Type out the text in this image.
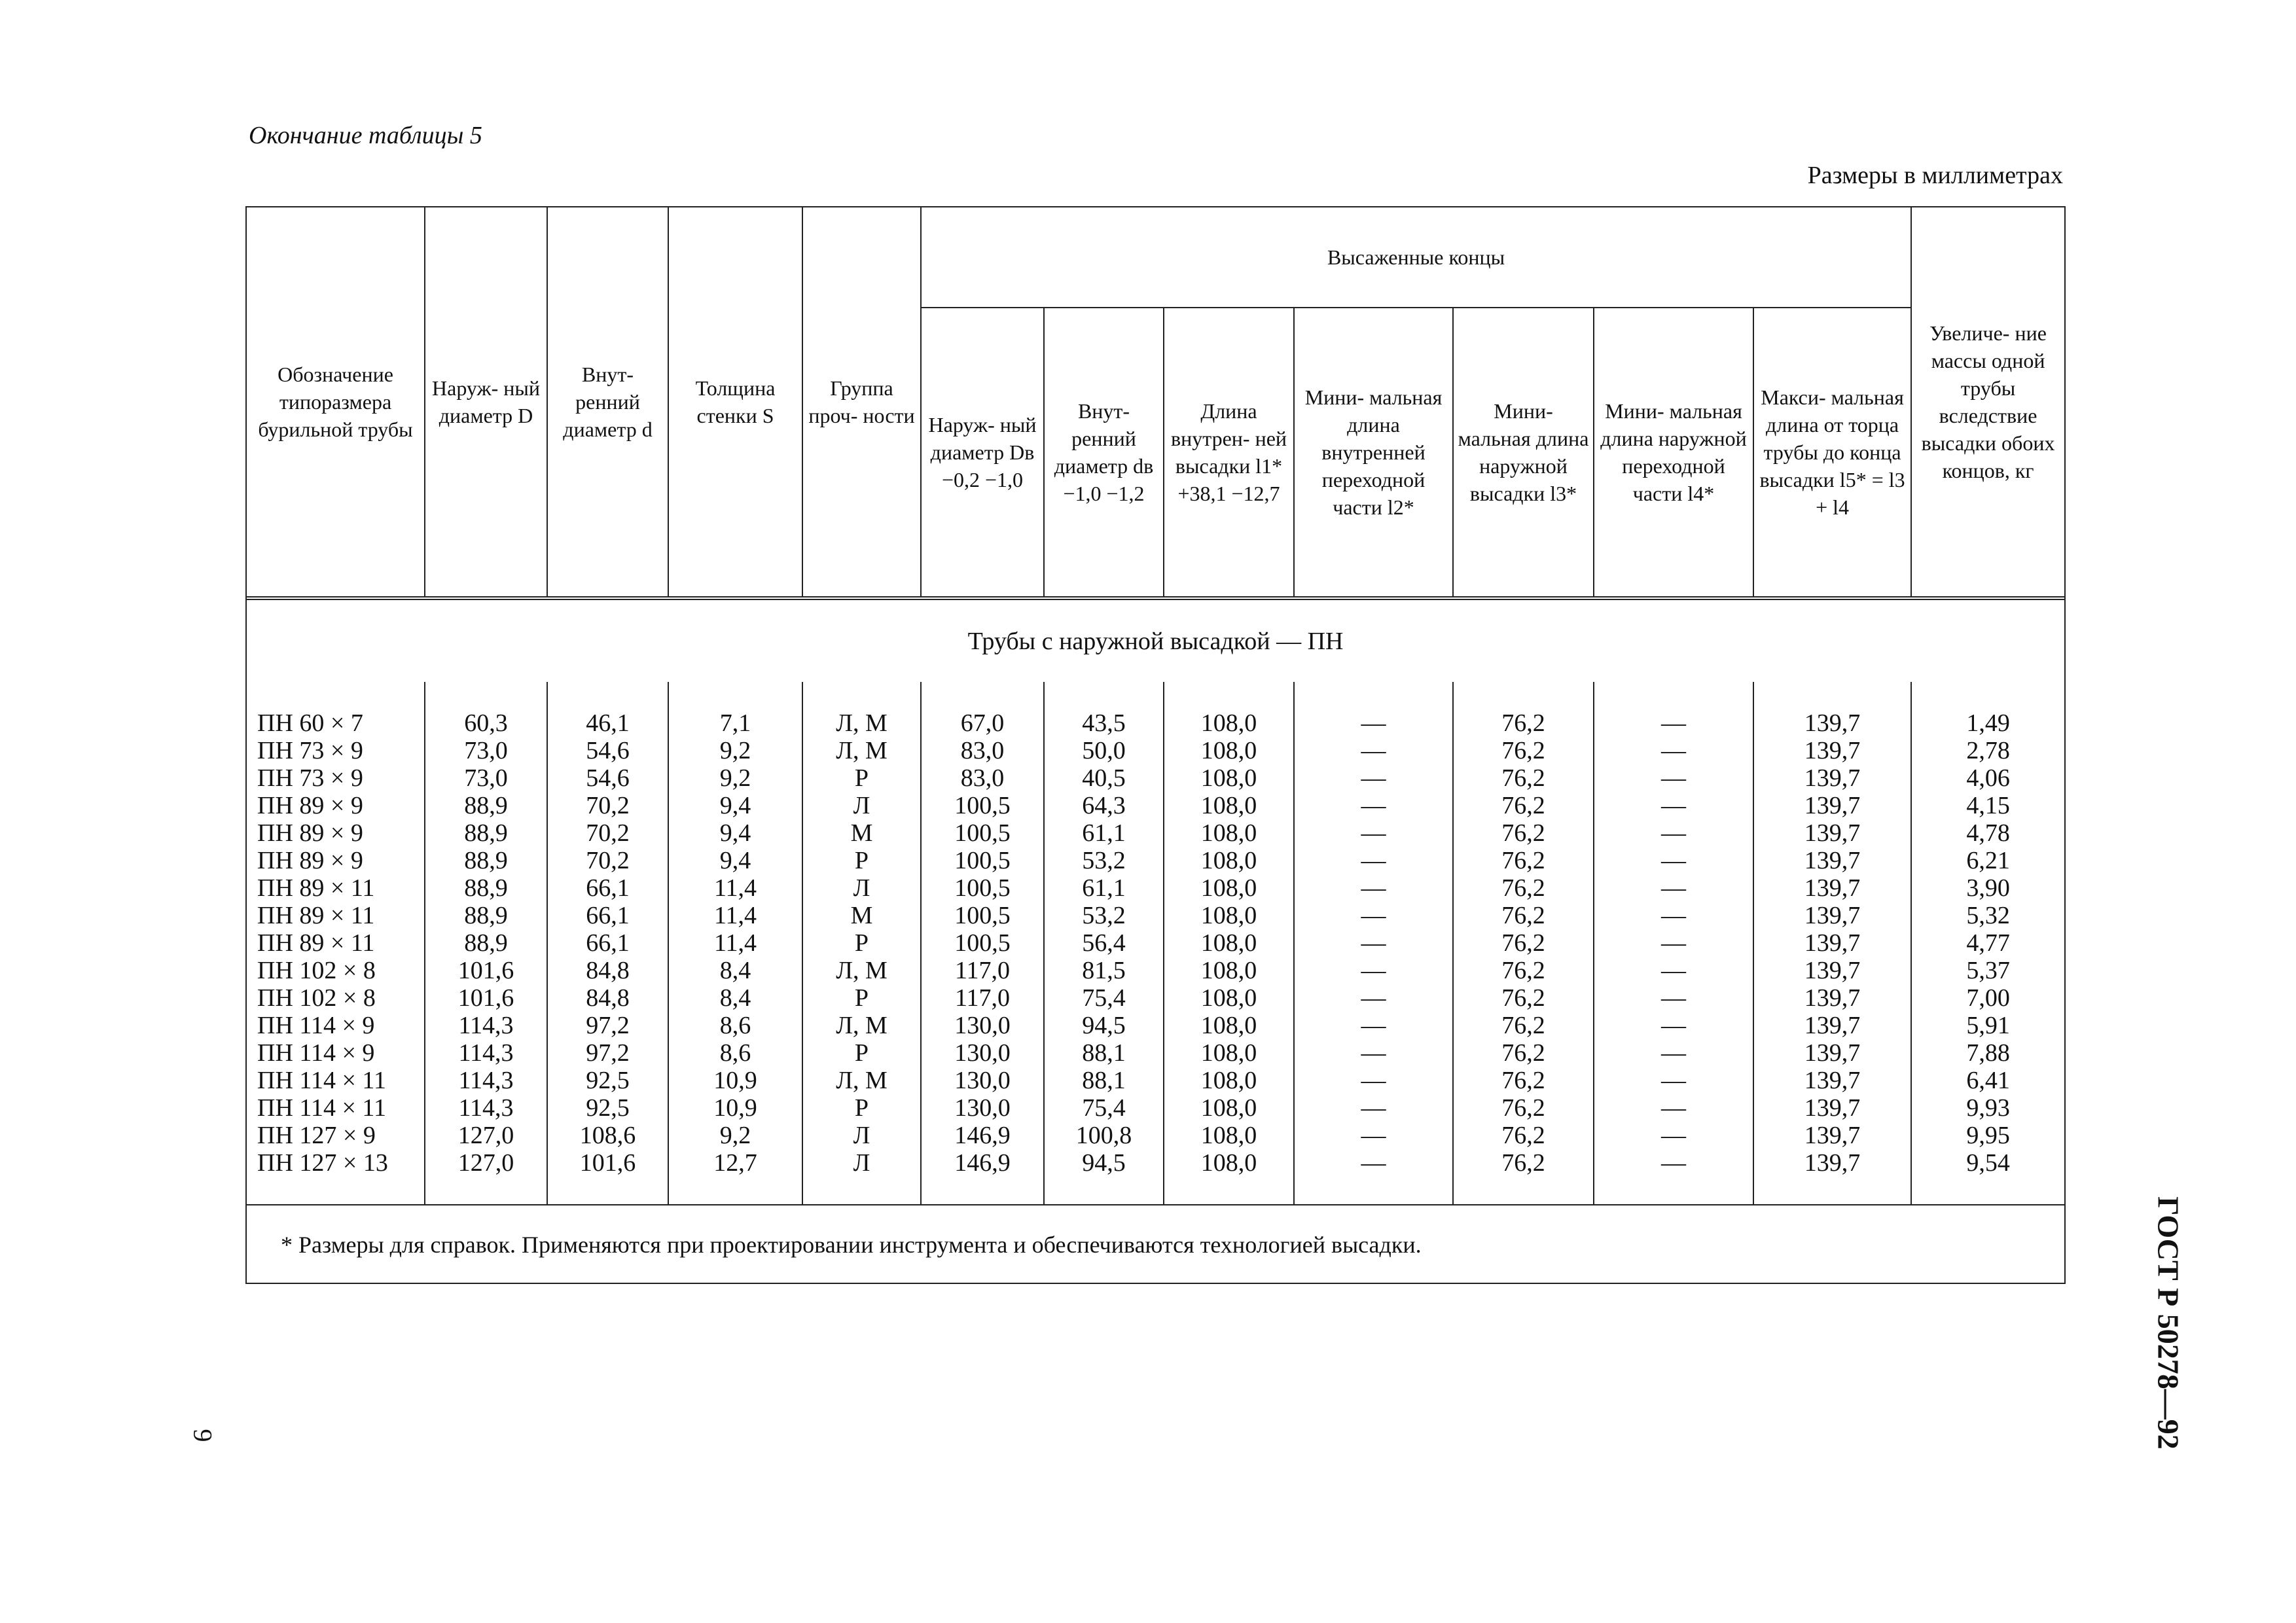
Окончание таблицы 5
Размеры в миллиметрах
Обозначение типоразмера бурильной трубы	Наруж- ный диаметр D	Внут- ренний диаметр d	Толщина стенки S	Группа проч- ности	Высаженные концы							Увеличе- ние массы одной трубы вследствие высадки обоих концов, кг
					Наруж- ный диаметр Dв −0,2 −1,0	Внут- ренний диаметр dв −1,0 −1,2	Длина внутрен- ней высадки l1* +38,1 −12,7	Мини- мальная длина внутренней переходной части l2*	Мини- мальная длина наружной высадки l3*	Мини- мальная длина наружной переходной части l4*	Макси- мальная длина от торца трубы до конца высадки l5* = l3 + l4	
Трубы с наружной высадкой — ПН												

ПН 60 × 7	60,3	46,1	7,1	Л, М	67,0	43,5	108,0	—	76,2	—	139,7	1,49
ПН 73 × 9	73,0	54,6	9,2	Л, М	83,0	50,0	108,0	—	76,2	—	139,7	2,78
ПН 73 × 9	73,0	54,6	9,2	Р	83,0	40,5	108,0	—	76,2	—	139,7	4,06
ПН 89 × 9	88,9	70,2	9,4	Л	100,5	64,3	108,0	—	76,2	—	139,7	4,15
ПН 89 × 9	88,9	70,2	9,4	М	100,5	61,1	108,0	—	76,2	—	139,7	4,78
ПН 89 × 9	88,9	70,2	9,4	Р	100,5	53,2	108,0	—	76,2	—	139,7	6,21
ПН 89 × 11	88,9	66,1	11,4	Л	100,5	61,1	108,0	—	76,2	—	139,7	3,90
ПН 89 × 11	88,9	66,1	11,4	М	100,5	53,2	108,0	—	76,2	—	139,7	5,32
ПН 89 × 11	88,9	66,1	11,4	Р	100,5	56,4	108,0	—	76,2	—	139,7	4,77
ПН 102 × 8	101,6	84,8	8,4	Л, М	117,0	81,5	108,0	—	76,2	—	139,7	5,37
ПН 102 × 8	101,6	84,8	8,4	Р	117,0	75,4	108,0	—	76,2	—	139,7	7,00
ПН 114 × 9	114,3	97,2	8,6	Л, М	130,0	94,5	108,0	—	76,2	—	139,7	5,91
ПН 114 × 9	114,3	97,2	8,6	Р	130,0	88,1	108,0	—	76,2	—	139,7	7,88
ПН 114 × 11	114,3	92,5	10,9	Л, М	130,0	88,1	108,0	—	76,2	—	139,7	6,41
ПН 114 × 11	114,3	92,5	10,9	Р	130,0	75,4	108,0	—	76,2	—	139,7	9,93
ПН 127 × 9	127,0	108,6	9,2	Л	146,9	100,8	108,0	—	76,2	—	139,7	9,95
ПН 127 × 13	127,0	101,6	12,7	Л	146,9	94,5	108,0	—	76,2	—	139,7	9,54

* Размеры для справок. Применяются при проектировании инструмента и обеспечиваются технологией высадки.
9	ГОСТ Р 50278—92
